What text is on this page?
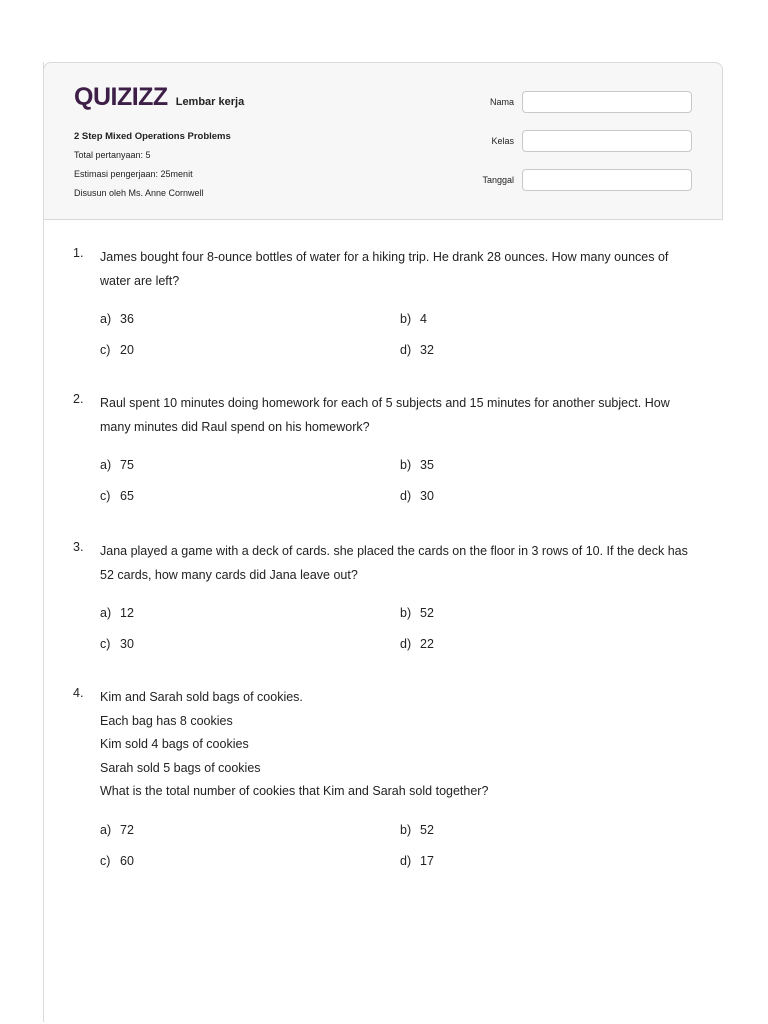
QUIZIZZ Lembar kerja
2 Step Mixed Operations Problems
Total pertanyaan: 5
Estimasi pengerjaan: 25menit
Disusun oleh Ms. Anne Cornwell
Nama
Kelas
Tanggal
1. James bought four 8-ounce bottles of water for a hiking trip. He drank 28 ounces. How many ounces of water are left?
a) 36	b) 4
c) 20	d) 32
2. Raul spent 10 minutes doing homework for each of 5 subjects and 15 minutes for another subject. How many minutes did Raul spend on his homework?
a) 75	b) 35
c) 65	d) 30
3. Jana played a game with a deck of cards. she placed the cards on the floor in 3 rows of 10. If the deck has 52 cards, how many cards did Jana leave out?
a) 12	b) 52
c) 30	d) 22
4. Kim and Sarah sold bags of cookies.
Each bag has 8 cookies
Kim sold 4 bags of cookies
Sarah sold 5 bags of cookies
What is the total number of cookies that Kim and Sarah sold together?
a) 72	b) 52
c) 60	d) 17
